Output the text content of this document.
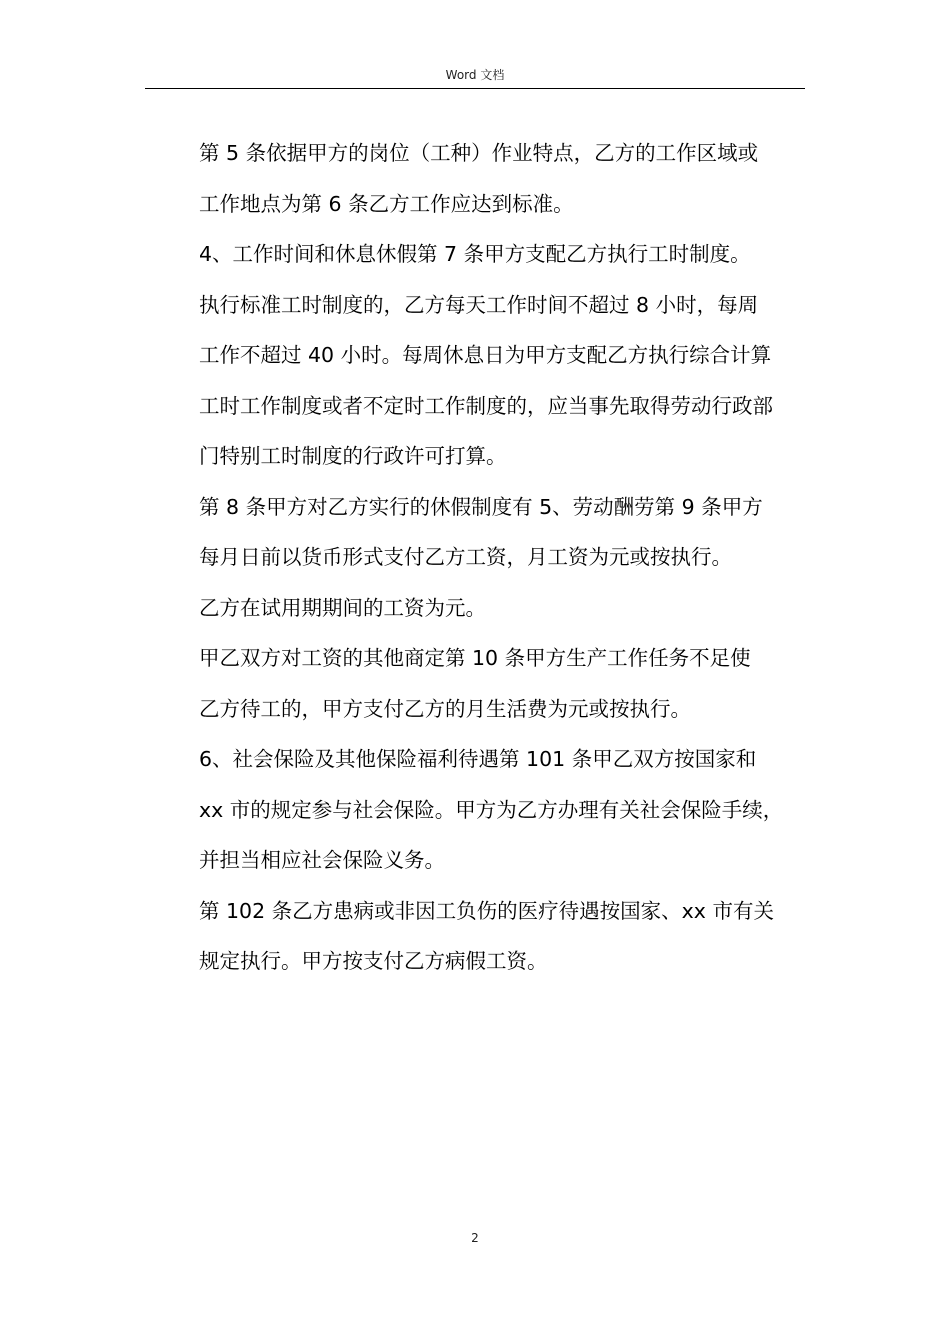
Word 文档

第 5 条依据甲方的岗位（工种）作业特点，乙方的工作区域或
工作地点为第 6 条乙方工作应达到标准。

4、工作时间和休息休假第 7 条甲方支配乙方执行工时制度。

执行标准工时制度的，乙方每天工作时间不超过 8 小时，每周
工作不超过 40 小时。每周休息日为甲方支配乙方执行综合计算
工时工作制度或者不定时工作制度的，应当事先取得劳动行政部
门特别工时制度的行政许可打算。

第 8 条甲方对乙方实行的休假制度有 5、劳动酬劳第 9 条甲方
每月日前以货币形式支付乙方工资，月工资为元或按执行。

乙方在试用期期间的工资为元。

甲乙双方对工资的其他商定第 10 条甲方生产工作任务不足使
乙方待工的，甲方支付乙方的月生活费为元或按执行。

6、社会保险及其他保险福利待遇第 101 条甲乙双方按国家和
xx 市的规定参与社会保险。甲方为乙方办理有关社会保险手续，
并担当相应社会保险义务。

第 102 条乙方患病或非因工负伤的医疗待遇按国家、xx 市有关
规定执行。甲方按支付乙方病假工资。

2
